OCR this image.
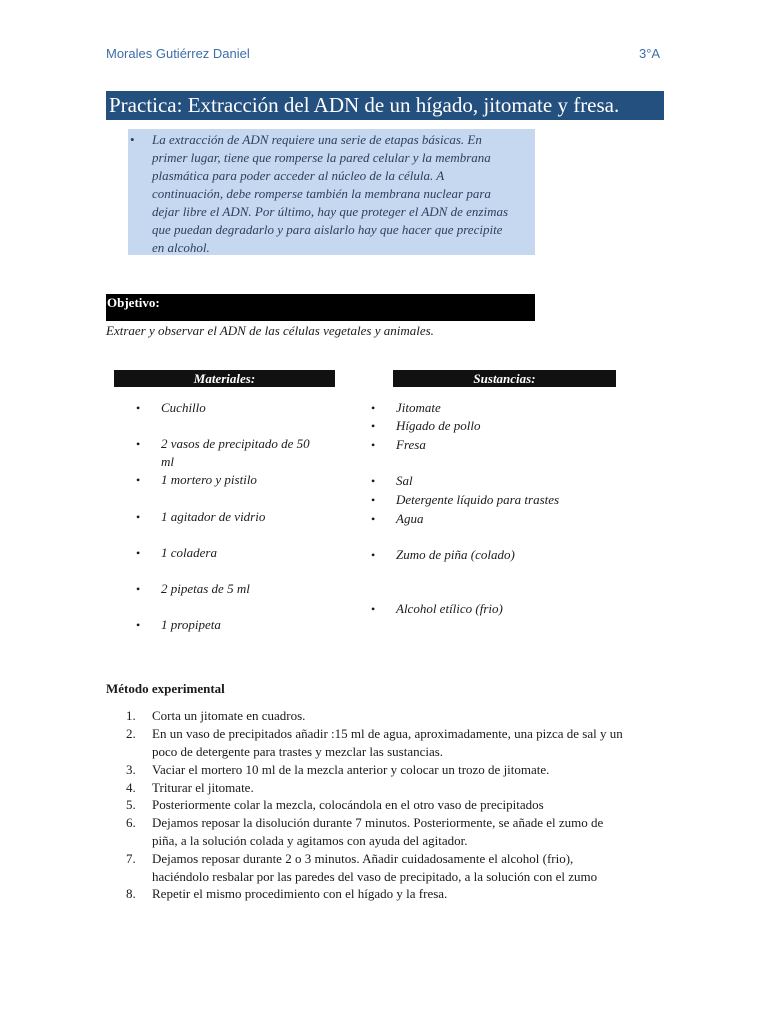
Morales Gutiérrez Daniel	3°A
Practica: Extracción del ADN de un hígado, jitomate y fresa.
• La extracción de ADN requiere una serie de etapas básicas. En
primer lugar, tiene que romperse la pared celular y la membrana
plasmática para poder acceder al núcleo de la célula. A
continuación, debe romperse también la membrana nuclear para
dejar libre el ADN. Por último, hay que proteger el ADN de enzimas
que puedan degradarlo y para aislarlo hay que hacer que precipite
en alcohol.
Objetivo:
Extraer y observar el ADN de las células vegetales y animales.
Materiales:	Sustancias:
• Cuchillo
• 2 vasos de precipitado de 50
ml
• 1 mortero y pistilo
• 1 agitador de vidrio
• 1 coladera
• 2 pipetas de 5 ml
• 1 propipeta
• Jitomate
• Hígado de pollo
• Fresa
• Sal
• Detergente líquido para trastes
• Agua
• Zumo de piña (colado)
• Alcohol etílico (frio)
Método experimental
1. Corta un jitomate en cuadros.
2. En un vaso de precipitados añadir :15 ml de agua, aproximadamente, una pizca de sal y un
poco de detergente para trastes y mezclar las sustancias.
3. Vaciar el mortero 10 ml de la mezcla anterior y colocar un trozo de jitomate.
4. Triturar el jitomate.
5. Posteriormente colar la mezcla, colocándola en el otro vaso de precipitados
6. Dejamos reposar la disolución durante 7 minutos. Posteriormente, se añade el zumo de
piña, a la solución colada y agitamos con ayuda del agitador.
7. Dejamos reposar durante 2 o 3 minutos. Añadir cuidadosamente el alcohol (frio),
haciéndolo resbalar por las paredes del vaso de precipitado, a la solución con el zumo
8. Repetir el mismo procedimiento con el hígado y la fresa.
